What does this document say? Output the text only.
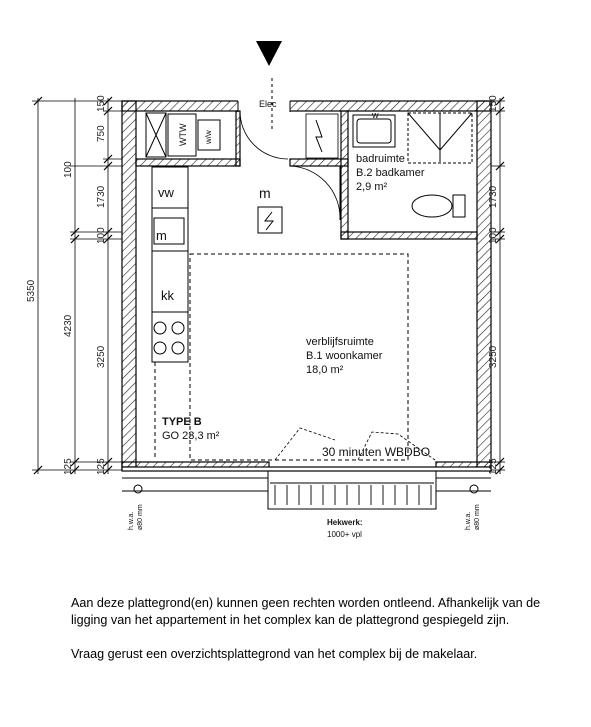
WTW w/w
Elec
w
badruimte
B.2 badkamer
2,9 m²
vw
m
kk
m
verblijfsruimte
B.1 woonkamer
18,0 m²
TYPE B
GO 23,3 m²
30 minuten WBDBO
Hekwerk:
1000+ vpl
h.w.a. ø80 mm	h.w.a. ø80 mm
5350
100
4230
125
150
750
1730
100
3250
125
150
1730
100
3250
125

Aan deze plattegrond(en) kunnen geen rechten worden ontleend. Afhankelijk van de ligging van het appartement in het complex kan de plattegrond gespiegeld zijn.

Vraag gerust een overzichtsplattegrond van het complex bij de makelaar.
